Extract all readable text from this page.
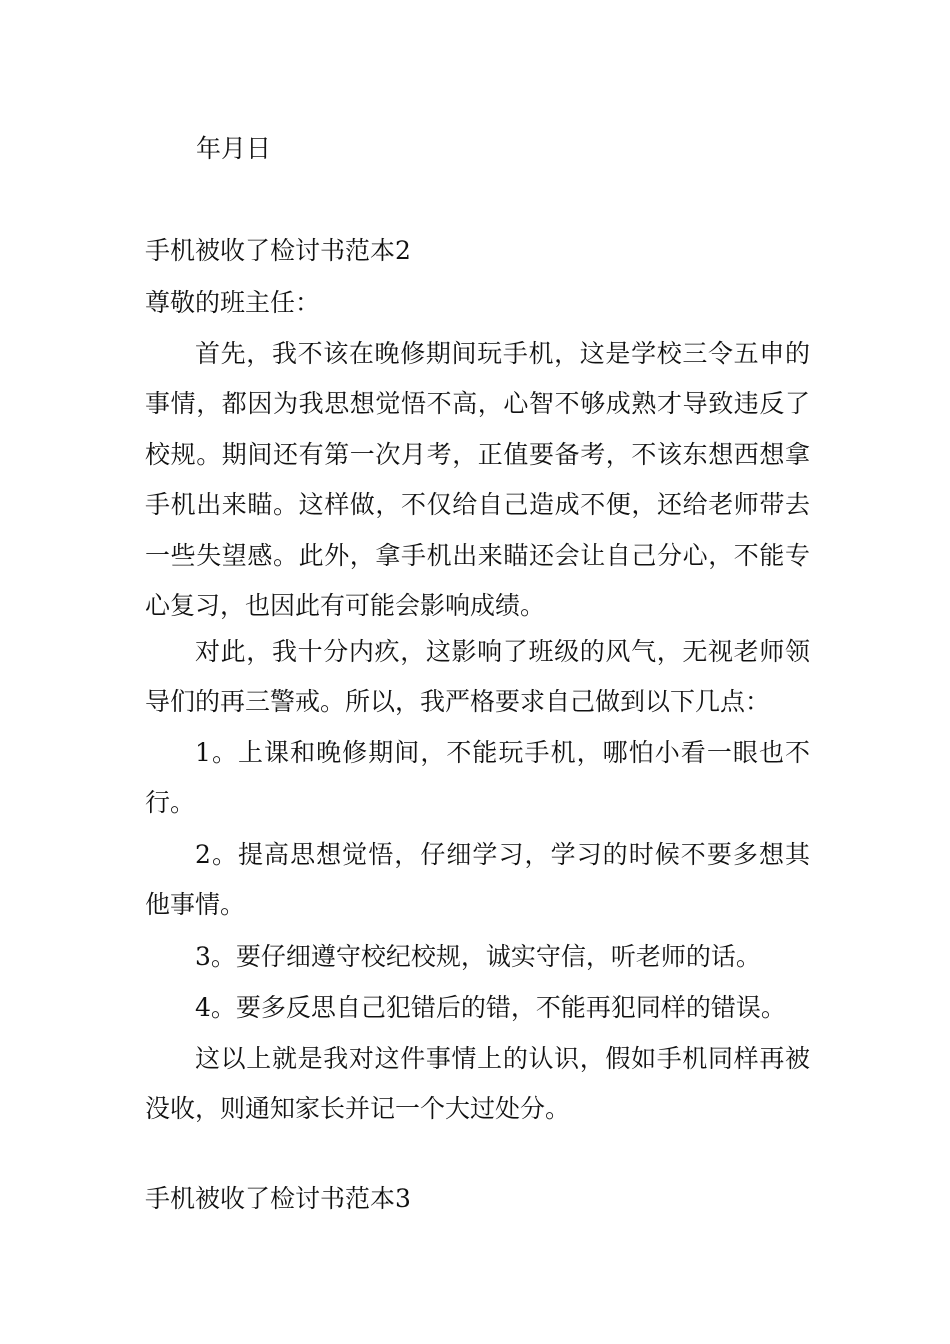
年月日
手机被收了检讨书范本2
尊敬的班主任：

首先，我不该在晚修期间玩手机，这是学校三令五申的事情，都因为我思想觉悟不高，心智不够成熟才导致违反了校规。期间还有第一次月考，正值要备考，不该东想西想拿手机出来瞄。这样做，不仅给自己造成不便，还给老师带去一些失望感。此外，拿手机出来瞄还会让自己分心，不能专心复习，也因此有可能会影响成绩。

对此，我十分内疚，这影响了班级的风气，无视老师领导们的再三警戒。所以，我严格要求自己做到以下几点：

1。上课和晚修期间，不能玩手机，哪怕小看一眼也不行。

2。提高思想觉悟，仔细学习，学习的时候不要多想其他事情。

3。要仔细遵守校纪校规，诚实守信，听老师的话。

4。要多反思自己犯错后的错，不能再犯同样的错误。

这以上就是我对这件事情上的认识，假如手机同样再被没收，则通知家长并记一个大过处分。

手机被收了检讨书范本3
